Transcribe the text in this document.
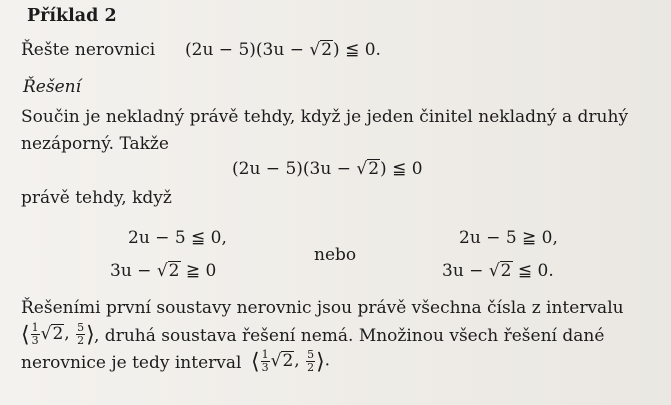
Příklad 2
Řešte nerovnici (2u − 5)(3u − √2) ≦ 0.
Řešení
Součin je nekladný právě tehdy, když je jeden činitel nekladný a druhý
nezáporný. Takže
(2u − 5)(3u − √2) ≦ 0
právě tehdy, když
2u − 5 ≦ 0,
3u − √2 ≧ 0
nebo
2u − 5 ≧ 0,
3u − √2 ≦ 0.
Řešeními první soustavy nerovnic jsou právě všechna čísla z intervalu
⟨ $\frac{1}{3} √2$, $\frac{5}{2}$ ⟩ , druhá soustava řešení nemá. Množinou všech řešení dané
nerovnice je tedy interval ⟨ $\frac{1}{3} √2$, $\frac{5}{2}$ ⟩.
